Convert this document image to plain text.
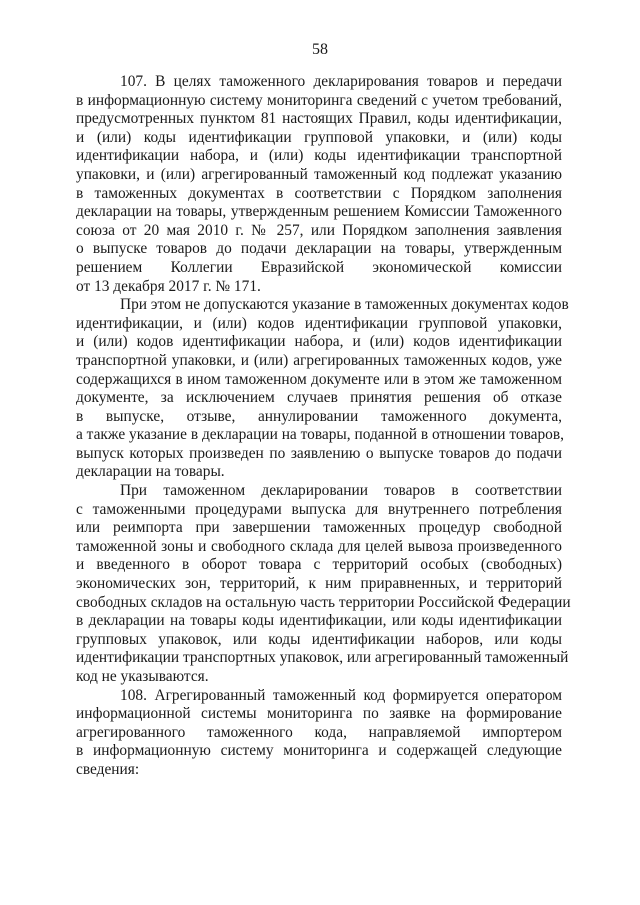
58

107. В целях таможенного декларирования товаров и передачи
в информационную систему мониторинга сведений с учетом требований,
предусмотренных пунктом 81 настоящих Правил, коды идентификации,
и (или) коды идентификации групповой упаковки, и (или) коды
идентификации набора, и (или) коды идентификации транспортной
упаковки, и (или) агрегированный таможенный код подлежат указанию
в таможенных документах в соответствии с Порядком заполнения
декларации на товары, утвержденным решением Комиссии Таможенного
союза от 20 мая 2010 г. № 257, или Порядком заполнения заявления
о выпуске товаров до подачи декларации на товары, утвержденным
решением Коллегии Евразийской экономической комиссии
от 13 декабря 2017 г. № 171.

При этом не допускаются указание в таможенных документах кодов
идентификации, и (или) кодов идентификации групповой упаковки,
и (или) кодов идентификации набора, и (или) кодов идентификации
транспортной упаковки, и (или) агрегированных таможенных кодов, уже
содержащихся в ином таможенном документе или в этом же таможенном
документе, за исключением случаев принятия решения об отказе
в выпуске, отзыве, аннулировании таможенного документа,
а также указание в декларации на товары, поданной в отношении товаров,
выпуск которых произведен по заявлению о выпуске товаров до подачи
декларации на товары.

При таможенном декларировании товаров в соответствии
с таможенными процедурами выпуска для внутреннего потребления
или реимпорта при завершении таможенных процедур свободной
таможенной зоны и свободного склада для целей вывоза произведенного
и введенного в оборот товара с территорий особых (свободных)
экономических зон, территорий, к ним приравненных, и территорий
свободных складов на остальную часть территории Российской Федерации
в декларации на товары коды идентификации, или коды идентификации
групповых упаковок, или коды идентификации наборов, или коды
идентификации транспортных упаковок, или агрегированный таможенный
код не указываются.

108. Агрегированный таможенный код формируется оператором
информационной системы мониторинга по заявке на формирование
агрегированного таможенного кода, направляемой импортером
в информационную систему мониторинга и содержащей следующие
сведения:
